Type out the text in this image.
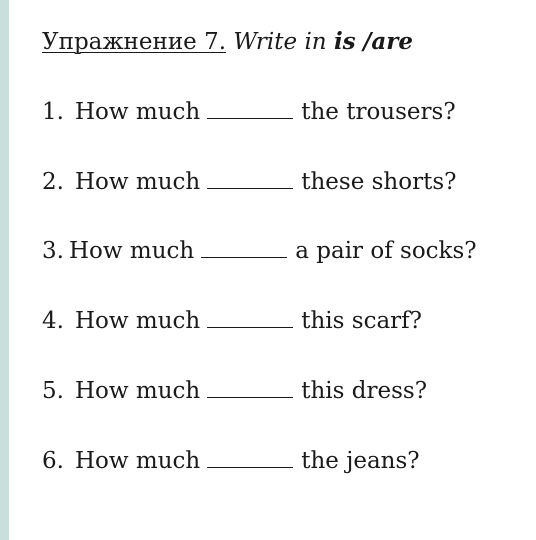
Упражнение 7. Write in is /are
1. How much	the trousers?
2. How much	these shorts?
3. How much	a pair of socks?
4. How much	this scarf?
5. How much	this dress?
6. How much	the jeans?
